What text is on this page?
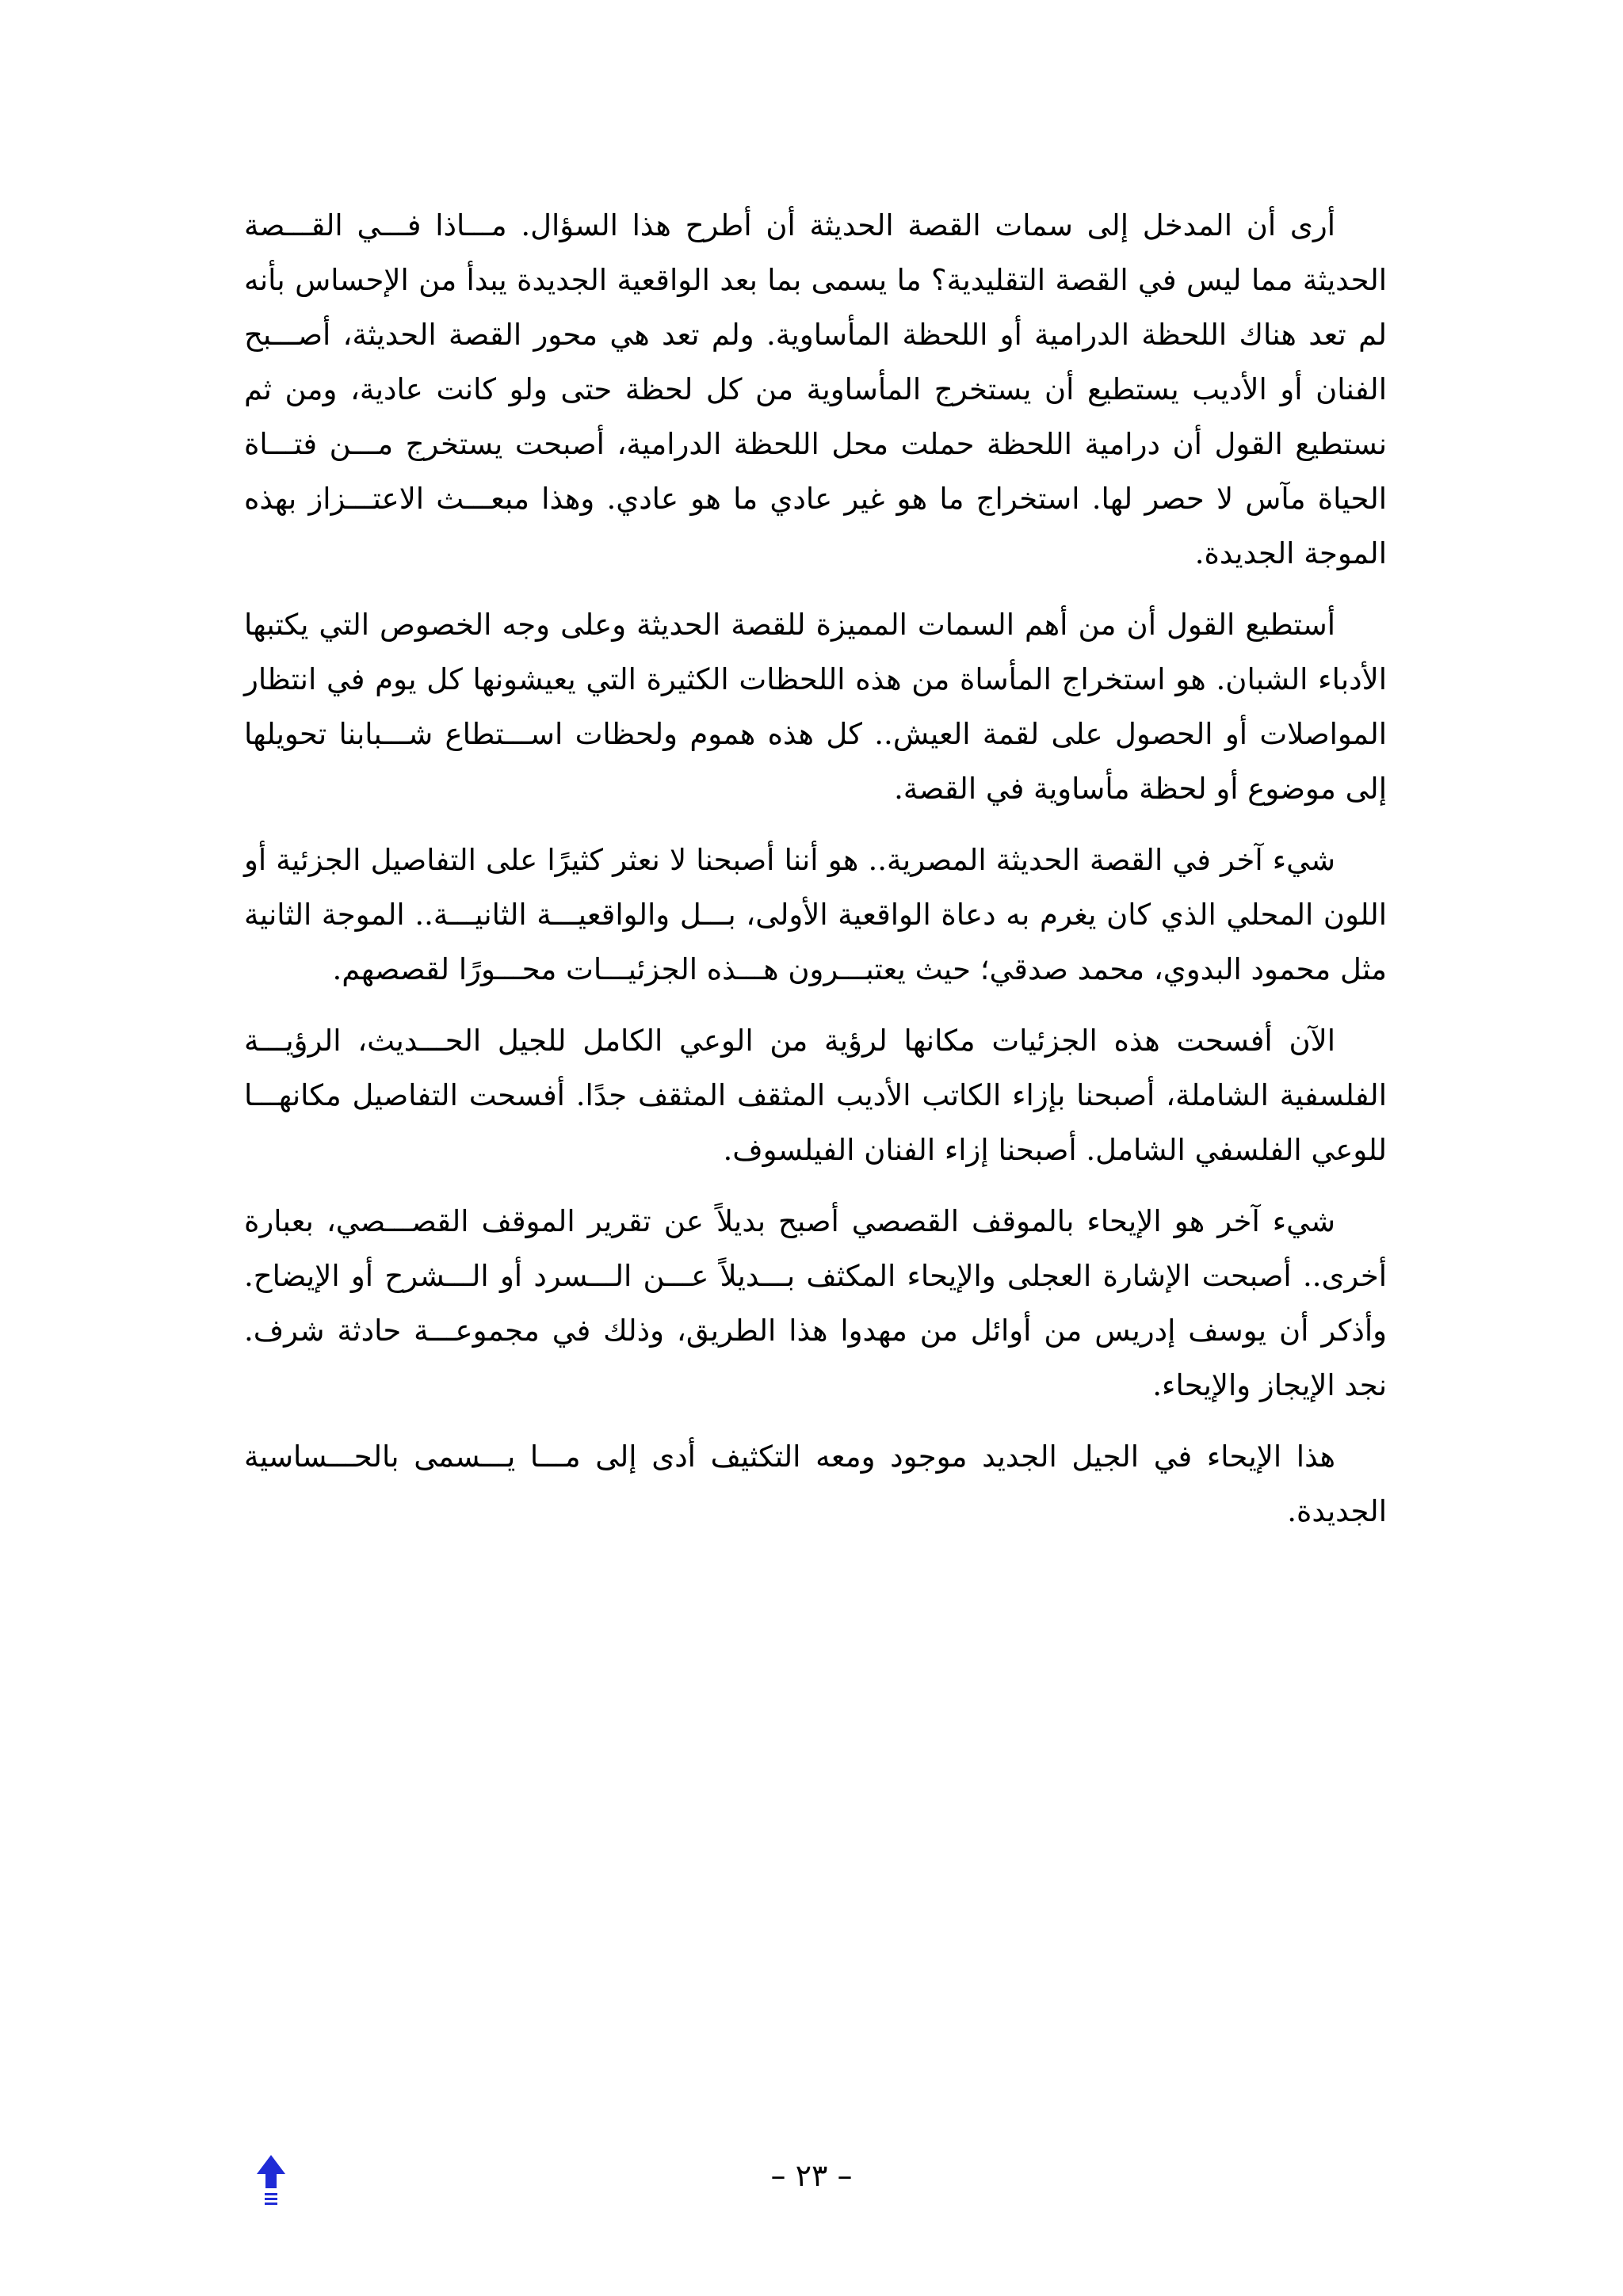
أرى أن المدخل إلى سمات القصة الحديثة أن أطرح هذا السؤال. مـــاذا فـــي القـــصة الحديثة مما ليس في القصة التقليدية؟ ما يسمى بما بعد الواقعية الجديدة يبدأ من الإحساس بأنه لم تعد هناك اللحظة الدرامية أو اللحظة المأساوية. ولم تعد هي محور القصة الحديثة، أصـــبح الفنان أو الأديب يستطيع أن يستخرج المأساوية من كل لحظة حتى ولو كانت عادية، ومن ثم نستطيع القول أن درامية اللحظة حملت محل اللحظة الدرامية، أصبحت يستخرج مـــن فتـــاة الحياة مآس لا حصر لها. استخراج ما هو غير عادي ما هو عادي. وهذا مبعـــث الاعتـــزاز بهذه الموجة الجديدة.

أستطيع القول أن من أهم السمات المميزة للقصة الحديثة وعلى وجه الخصوص التي يكتبها الأدباء الشبان. هو استخراج المأساة من هذه اللحظات الكثيرة التي يعيشونها كل يوم في انتظار المواصلات أو الحصول على لقمة العيش.. كل هذه هموم ولحظات اســـتطاع شـــبابنا تحويلها إلى موضوع أو لحظة مأساوية في القصة.

شيء آخر في القصة الحديثة المصرية.. هو أننا أصبحنا لا نعثر كثيرًا على التفاصيل الجزئية أو اللون المحلي الذي كان يغرم به دعاة الواقعية الأولى، بـــل والواقعيـــة الثانيـــة.. الموجة الثانية مثل محمود البدوي، محمد صدقي؛ حيث يعتبـــرون هـــذه الجزئيـــات محـــورًا لقصصهم.

الآن أفسحت هذه الجزئيات مكانها لرؤية من الوعي الكامل للجيل الحـــديث، الرؤيـــة الفلسفية الشاملة، أصبحنا بإزاء الكاتب الأديب المثقف المثقف جدًا. أفسحت التفاصيل مكانهـــا للوعي الفلسفي الشامل. أصبحنا إزاء الفنان الفيلسوف.

شيء آخر هو الإيحاء بالموقف القصصي أصبح بديلاً عن تقرير الموقف القصـــصي، بعبارة أخرى.. أصبحت الإشارة العجلى والإيحاء المكثف بـــديلاً عـــن الـــسرد أو الـــشرح أو الإيضاح. وأذكر أن يوسف إدريس من أوائل من مهدوا هذا الطريق، وذلك في مجموعـــة حادثة شرف. نجد الإيجاز والإيحاء.

هذا الإيحاء في الجيل الجديد موجود ومعه التكثيف أدى إلى مـــا يـــسمى بالحـــساسية الجديدة.

– ٢٣ –
